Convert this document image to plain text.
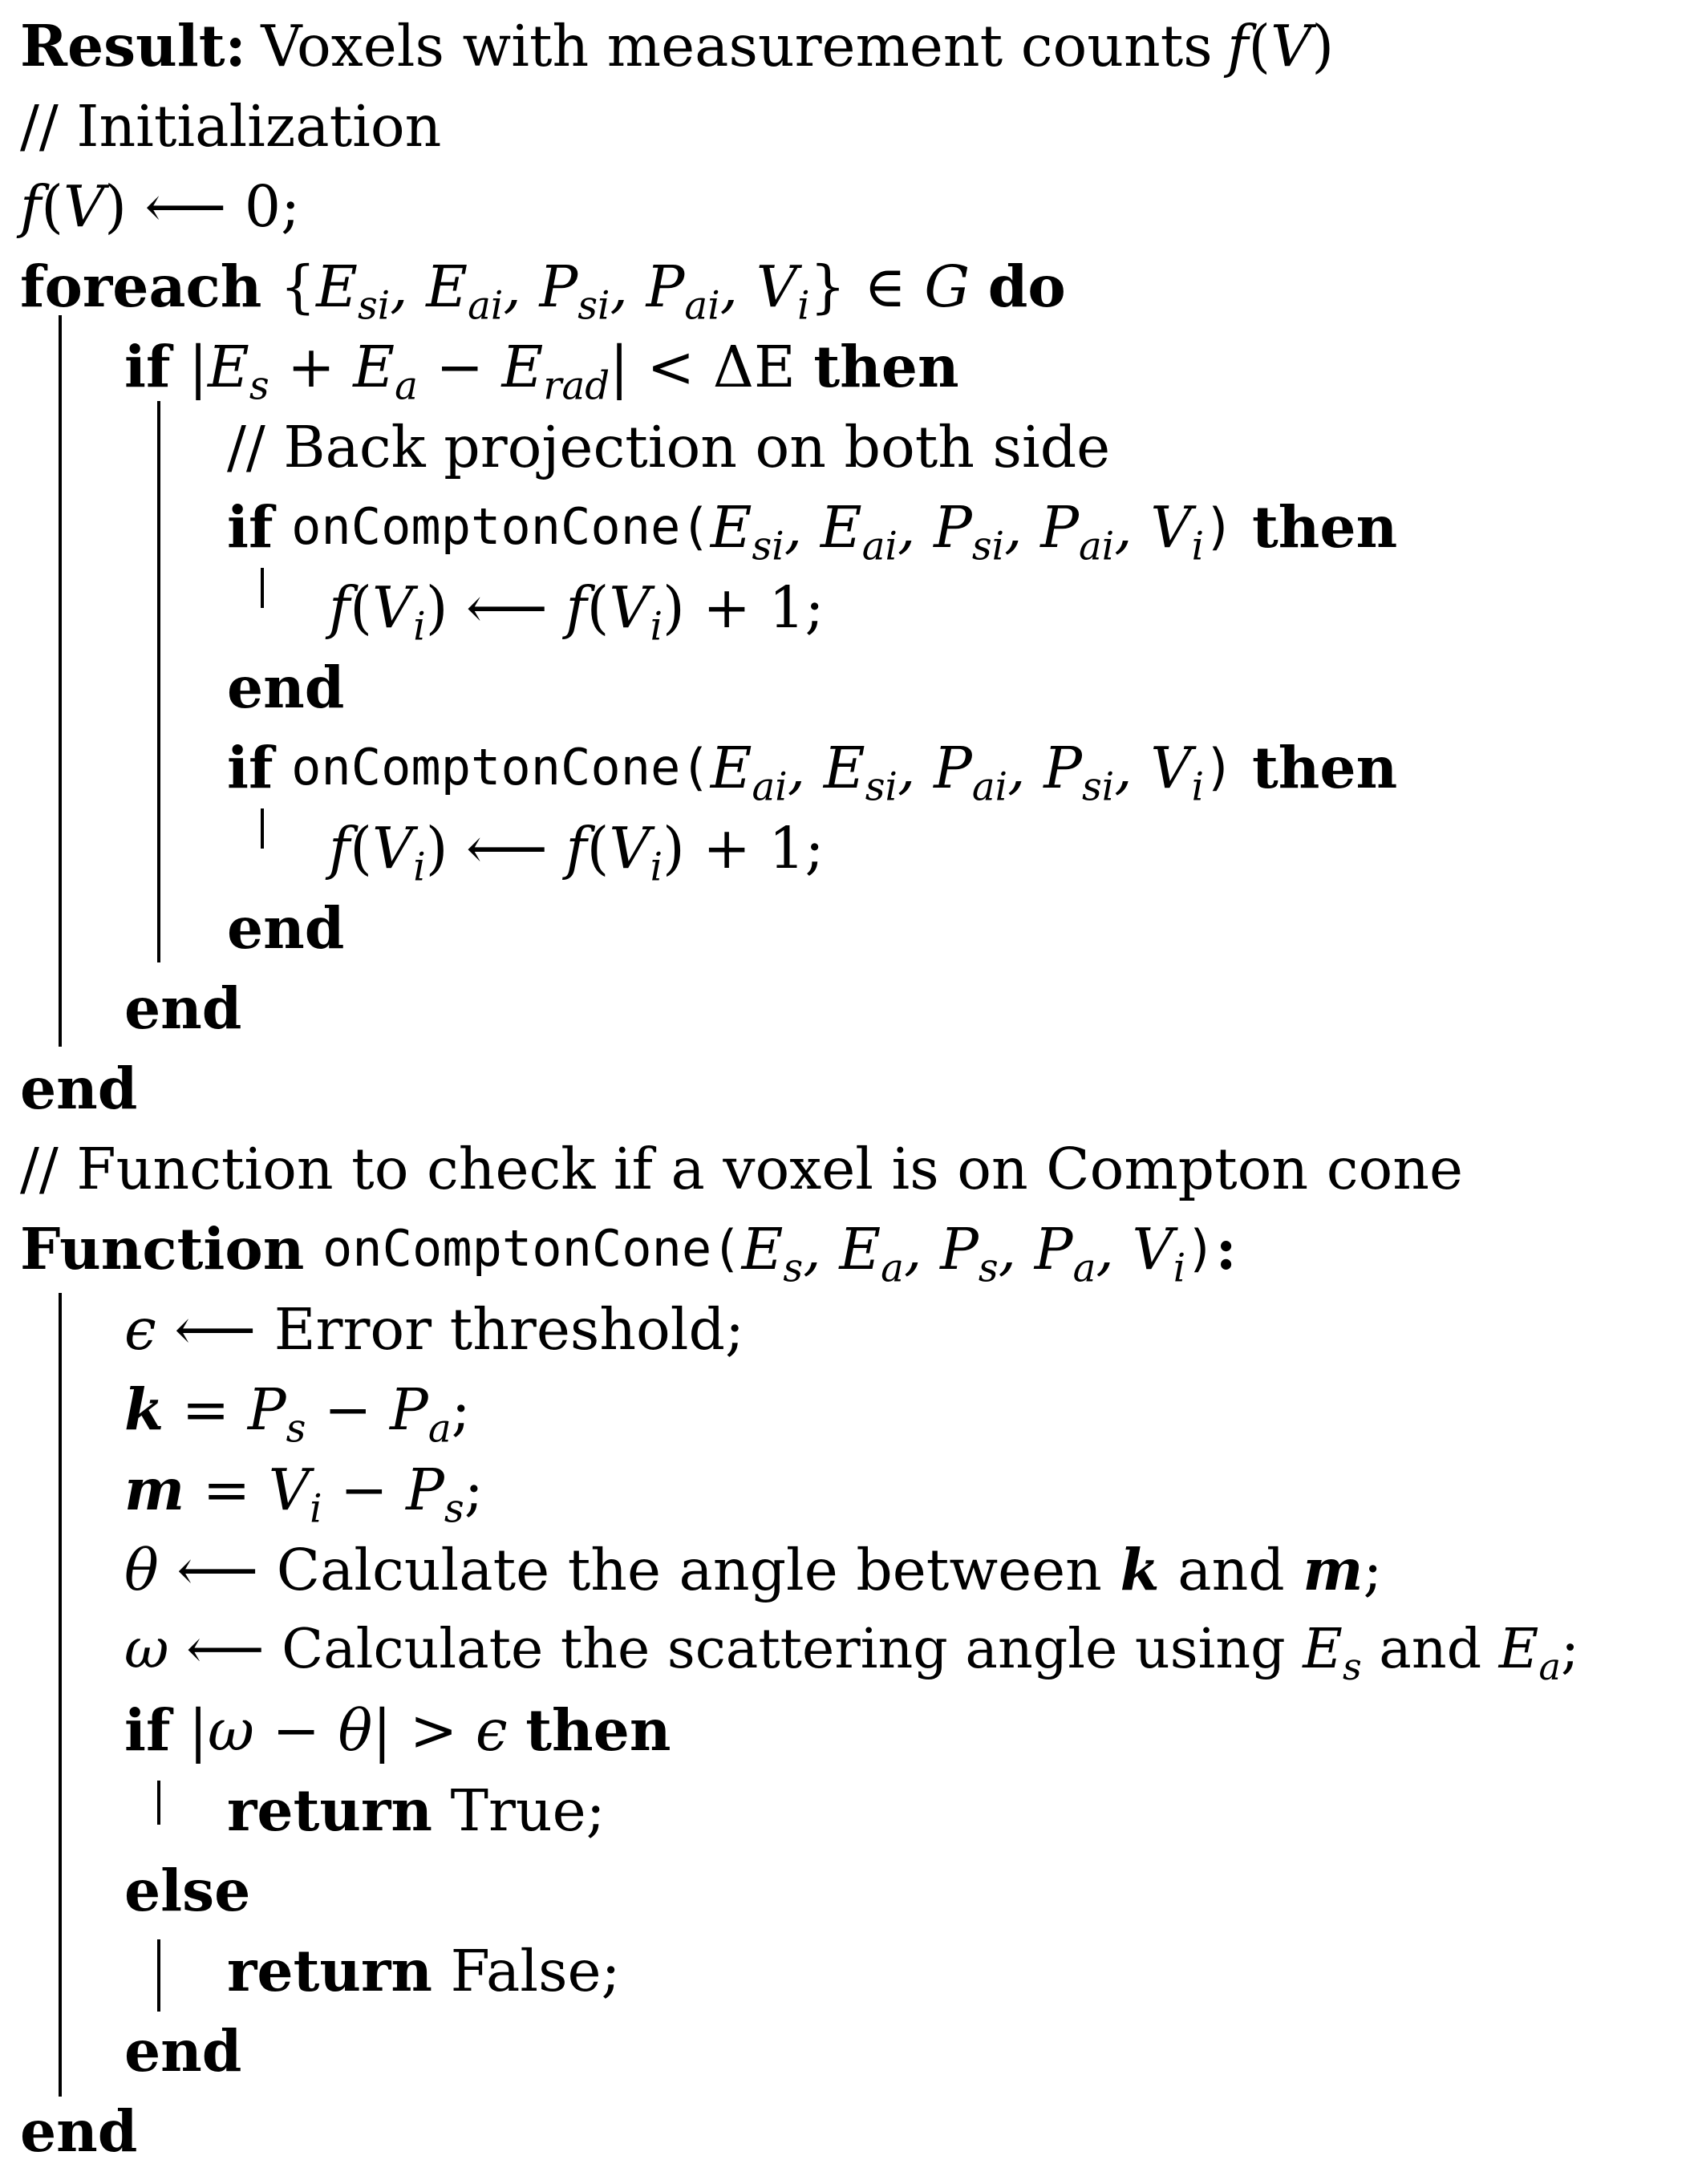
Result: Voxels with measurement counts f(V)
// Initialization
f(V) ⟵ 0;
foreach
{$E_{si}$, $E_{ai}$, $P_{si}$, $P_{ai}$, $V_i$} ∈ G
do
if
$|E_s + E_a - E_{rad}| < \Delta E$
then
// Back projection on both side
if
onComptonCone( $E_{si}$, $E_{ai}$, $P_{si}$, $P_{ai}$, $V_i$ )
then
$f(V_i)$ ⟵ $f(V_i) + 1$;
end
if
onComptonCone( $E_{ai}$, $E_{si}$, $P_{ai}$, $P_{si}$, $V_i$ )
then
$f(V_i)$ ⟵ $f(V_i) + 1$;
end
end
end
// Function to check if a voxel is on Compton cone
Function
onComptonCone( $E_s$, $E_a$, $P_s$, $P_a$, $V_i$ ) :
ϵ ⟵ Error threshold;
$k = P_s - P_a$ ;
$m = V_i - P_s$ ;
θ ⟵ Calculate the angle between
k
and
m ;
ω ⟵ Calculate the scattering angle using
$E_s$
and
$E_a$ ;
if
|ω − θ| > ϵ
then
return
True;
else
return
False;
end
end
